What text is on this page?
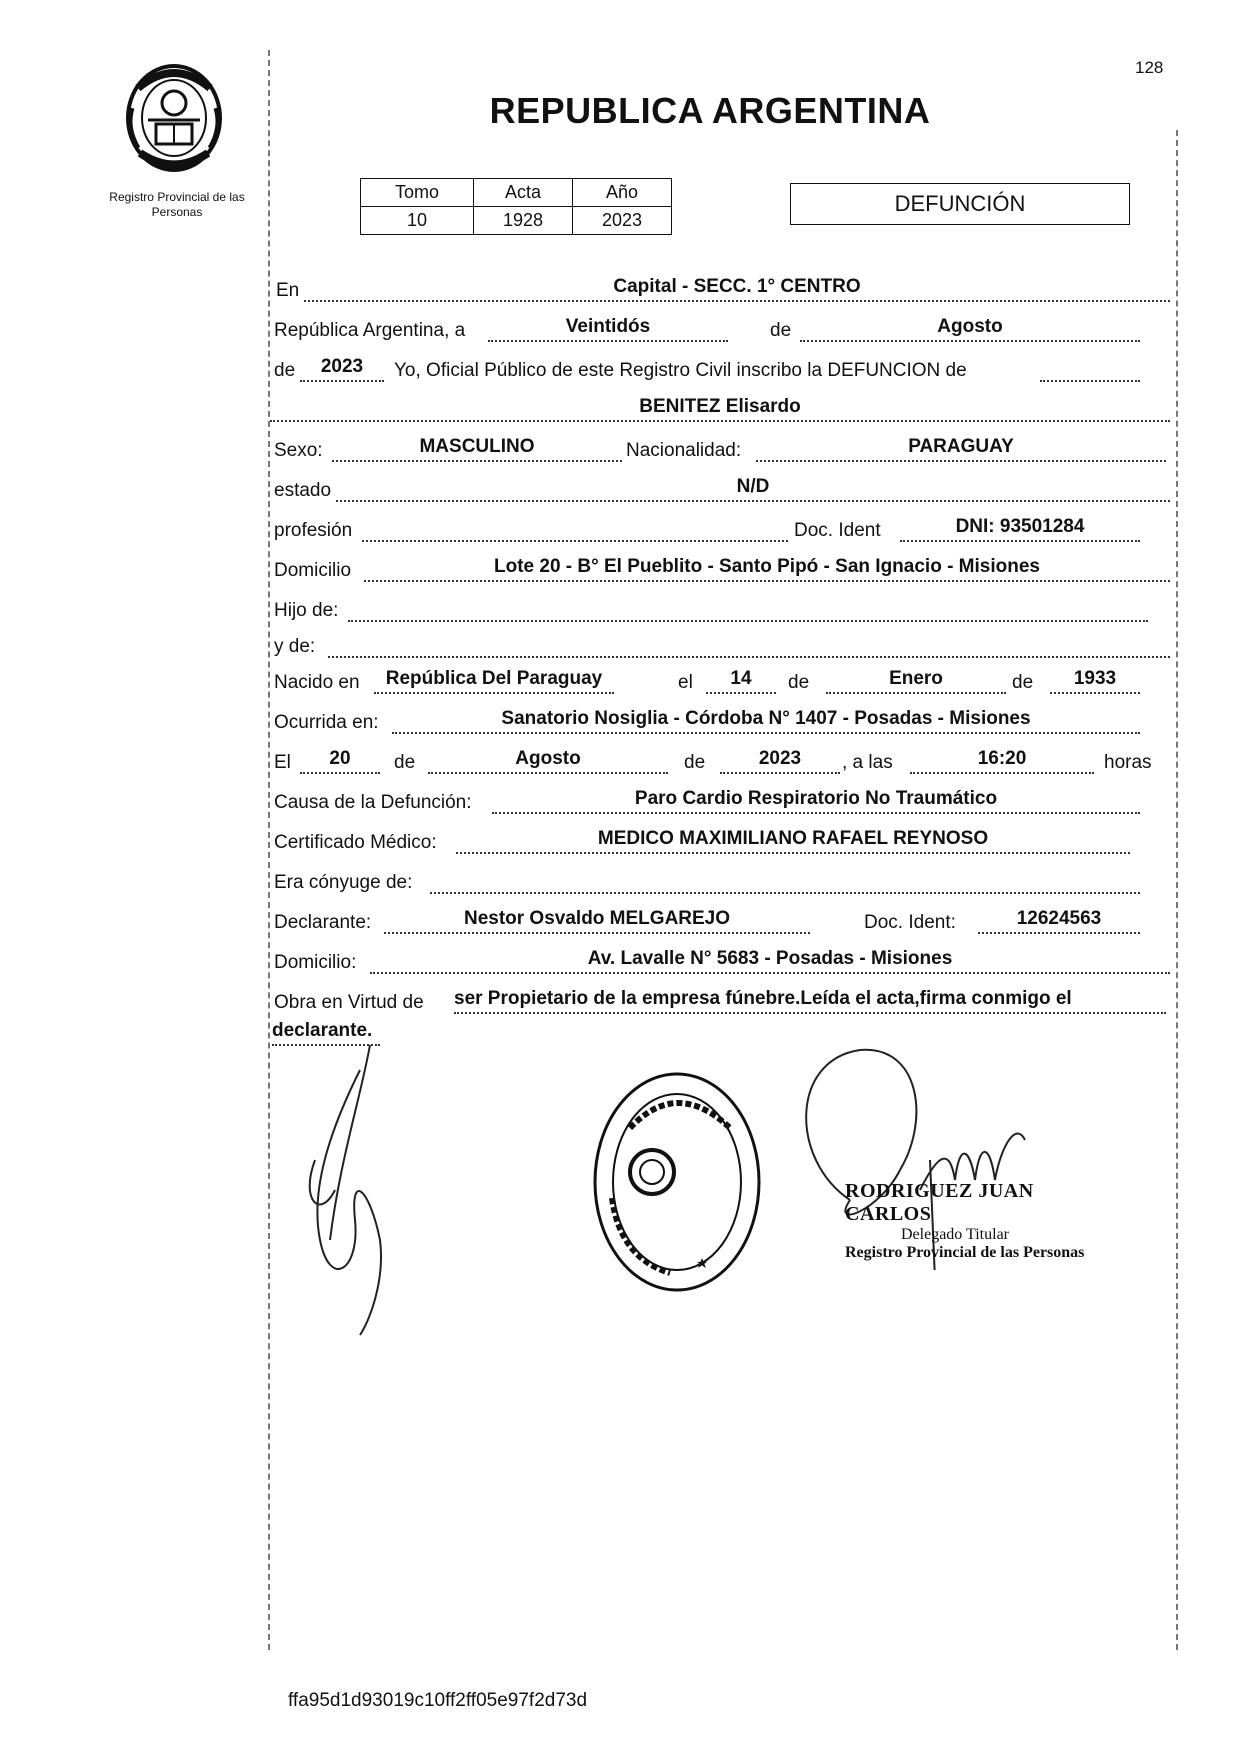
Registro Provincial de las Personas
128
REPUBLICA ARGENTINA
Tomo	Acta	Año
10	1928	2023
DEFUNCIÓN
En	Capital - SECC. 1° CENTRO
República Argentina, a	Veintidós	de	Agosto
de	2023	Yo, Oficial Público de este Registro Civil inscribo la DEFUNCION de
BENITEZ Elisardo
Sexo:	MASCULINO	Nacionalidad:	PARAGUAY
estado	N/D
profesión	Doc. Ident	DNI: 93501284
Domicilio	Lote 20 - B° El Pueblito - Santo Pipó - San Ignacio - Misiones
Hijo de:
y de:
Nacido en	República Del Paraguay	el	14	de	Enero	de	1933
Ocurrida en:	Sanatorio Nosiglia - Córdoba N° 1407 - Posadas - Misiones
El	20	de	Agosto	de	2023	, a las	16:20	horas
Causa de la Defunción:	Paro Cardio Respiratorio No Traumático
Certificado Médico:	MEDICO MAXIMILIANO RAFAEL REYNOSO
Era cónyuge de:
Declarante:	Nestor Osvaldo MELGAREJO	Doc. Ident:	12624563
Domicilio:	Av. Lavalle N° 5683 - Posadas - Misiones
Obra en Virtud de ser Propietario de la empresa fúnebre.Leída el acta,firma conmigo el
declarante.
RODRIGUEZ JUAN CARLOS
Delegado Titular
Registro Provincial de las Personas
ffa95d1d93019c10ff2ff05e97f2d73d
